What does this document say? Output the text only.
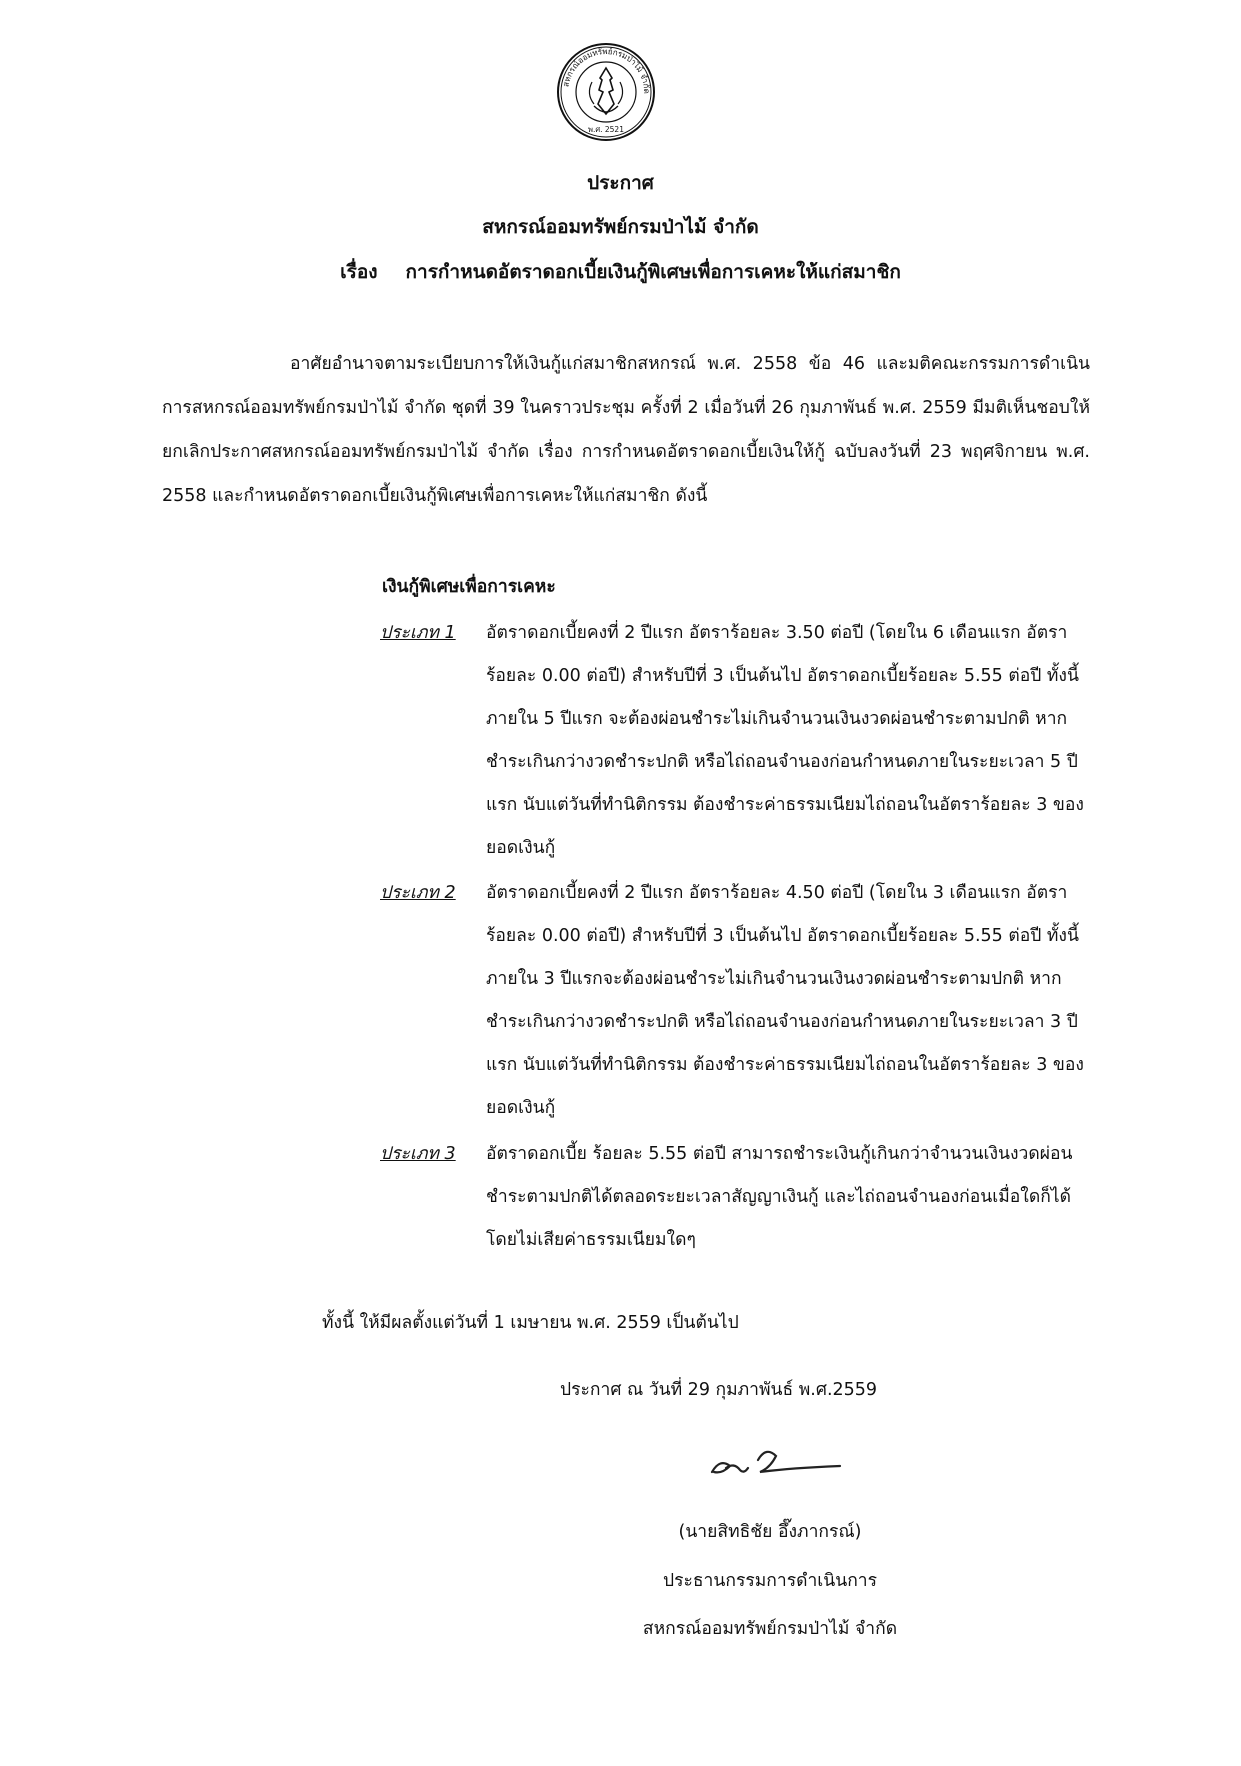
สหกรณ์ออมทรัพย์กรมป่าไม้ จำกัด
พ.ศ. 2521
ประกาศ
สหกรณ์ออมทรัพย์กรมป่าไม้ จำกัด
เรื่อง การกำหนดอัตราดอกเบี้ยเงินกู้พิเศษเพื่อการเคหะให้แก่สมาชิก
อาศัยอำนาจตามระเบียบการให้เงินกู้แก่สมาชิกสหกรณ์ พ.ศ. 2558 ข้อ 46 และมติคณะกรรมการดำเนินการสหกรณ์ออมทรัพย์กรมป่าไม้ จำกัด ชุดที่ 39 ในคราวประชุม ครั้งที่ 2 เมื่อวันที่ 26 กุมภาพันธ์ พ.ศ. 2559 มีมติเห็นชอบให้ยกเลิกประกาศสหกรณ์ออมทรัพย์กรมป่าไม้ จำกัด เรื่อง การกำหนดอัตราดอกเบี้ยเงินให้กู้ ฉบับลงวันที่ 23 พฤศจิกายน พ.ศ. 2558 และกำหนดอัตราดอกเบี้ยเงินกู้พิเศษเพื่อการเคหะให้แก่สมาชิก ดังนี้
เงินกู้พิเศษเพื่อการเคหะ
ประเภท 1 อัตราดอกเบี้ยคงที่ 2 ปีแรก อัตราร้อยละ 3.50 ต่อปี (โดยใน 6 เดือนแรก อัตราร้อยละ 0.00 ต่อปี) สำหรับปีที่ 3 เป็นต้นไป อัตราดอกเบี้ยร้อยละ 5.55 ต่อปี ทั้งนี้ภายใน 5 ปีแรก จะต้องผ่อนชำระไม่เกินจำนวนเงินงวดผ่อนชำระตามปกติ หากชำระเกินกว่างวดชำระปกติ หรือไถ่ถอนจำนองก่อนกำหนดภายในระยะเวลา 5 ปีแรก นับแต่วันที่ทำนิติกรรม ต้องชำระค่าธรรมเนียมไถ่ถอนในอัตราร้อยละ 3 ของยอดเงินกู้
ประเภท 2 อัตราดอกเบี้ยคงที่ 2 ปีแรก อัตราร้อยละ 4.50 ต่อปี (โดยใน 3 เดือนแรก อัตราร้อยละ 0.00 ต่อปี) สำหรับปีที่ 3 เป็นต้นไป อัตราดอกเบี้ยร้อยละ 5.55 ต่อปี ทั้งนี้ภายใน 3 ปีแรกจะต้องผ่อนชำระไม่เกินจำนวนเงินงวดผ่อนชำระตามปกติ หากชำระเกินกว่างวดชำระปกติ หรือไถ่ถอนจำนองก่อนกำหนดภายในระยะเวลา 3 ปีแรก นับแต่วันที่ทำนิติกรรม ต้องชำระค่าธรรมเนียมไถ่ถอนในอัตราร้อยละ 3 ของยอดเงินกู้
ประเภท 3 อัตราดอกเบี้ย ร้อยละ 5.55 ต่อปี สามารถชำระเงินกู้เกินกว่าจำนวนเงินงวดผ่อนชำระตามปกติได้ตลอดระยะเวลาสัญญาเงินกู้ และไถ่ถอนจำนองก่อนเมื่อใดก็ได้ โดยไม่เสียค่าธรรมเนียมใดๆ
ทั้งนี้ ให้มีผลตั้งแต่วันที่ 1 เมษายน พ.ศ. 2559 เป็นต้นไป
ประกาศ ณ วันที่ 29 กุมภาพันธ์ พ.ศ.2559
(นายสิทธิชัย อึ๊งภากรณ์)
ประธานกรรมการดำเนินการ
สหกรณ์ออมทรัพย์กรมป่าไม้ จำกัด
